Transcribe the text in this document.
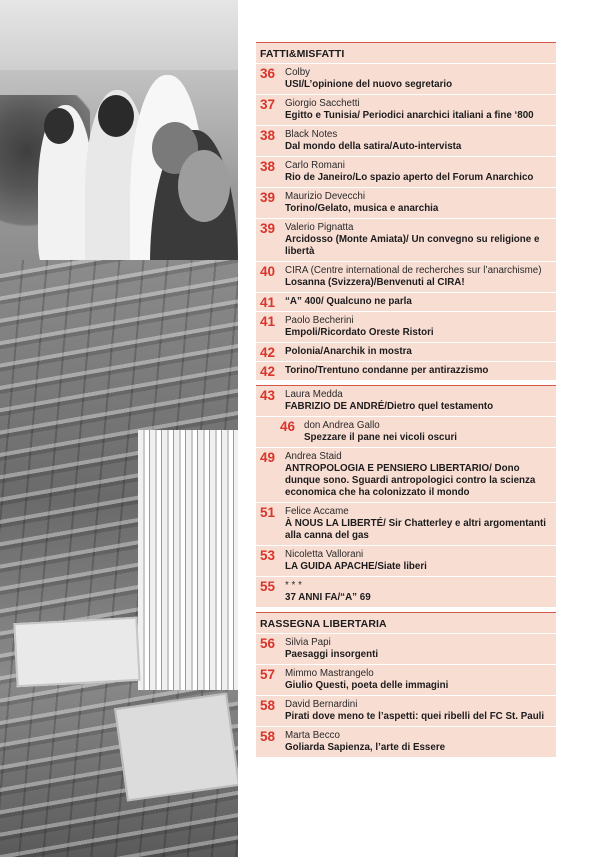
FATTI&MISFATTI
36 Colby
USI/L’opinione del nuovo segretario
37 Giorgio Sacchetti
Egitto e Tunisia/ Periodici anarchici italiani a fine ‘800
38 Black Notes
Dal mondo della satira/Auto-intervista
38 Carlo Romani
Rio de Janeiro/Lo spazio aperto del Forum Anarchico
39 Maurizio Devecchi
Torino/Gelato, musica e anarchia
39 Valerio Pignatta
Arcidosso (Monte Amiata)/ Un convegno su religione e libertà
40 CIRA (Centre international de recherches sur l’anarchisme)
Losanna (Svizzera)/Benvenuti al CIRA!
41 “A” 400/ Qualcuno ne parla
41 Paolo Becherini
Empoli/Ricordato Oreste Ristori
42 Polonia/Anarchik in mostra
42 Torino/Trentuno condanne per antirazzismo
43 Laura Medda
FABRIZIO DE ANDRÉ/Dietro quel testamento
46 don Andrea Gallo
Spezzare il pane nei vicoli oscuri
49 Andrea Staid
ANTROPOLOGIA E PENSIERO LIBERTARIO/ Dono dunque sono. Sguardi antropologici contro la scienza economica che ha colonizzato il mondo
51 Felice Accame
À NOUS LA LIBERTÉ/ Sir Chatterley e altri argomentanti alla canna del gas
53 Nicoletta Vallorani
LA GUIDA APACHE/Siate liberi
55 * * *
37 ANNI FA/“A” 69
RASSEGNA LIBERTARIA
56 Silvia Papi
Paesaggi insorgenti
57 Mimmo Mastrangelo
Giulio Questi, poeta delle immagini
58 David Bernardini
Pirati dove meno te l’aspetti: quei ribelli del FC St. Pauli
58 Marta Becco
Goliarda Sapienza, l’arte di Essere
